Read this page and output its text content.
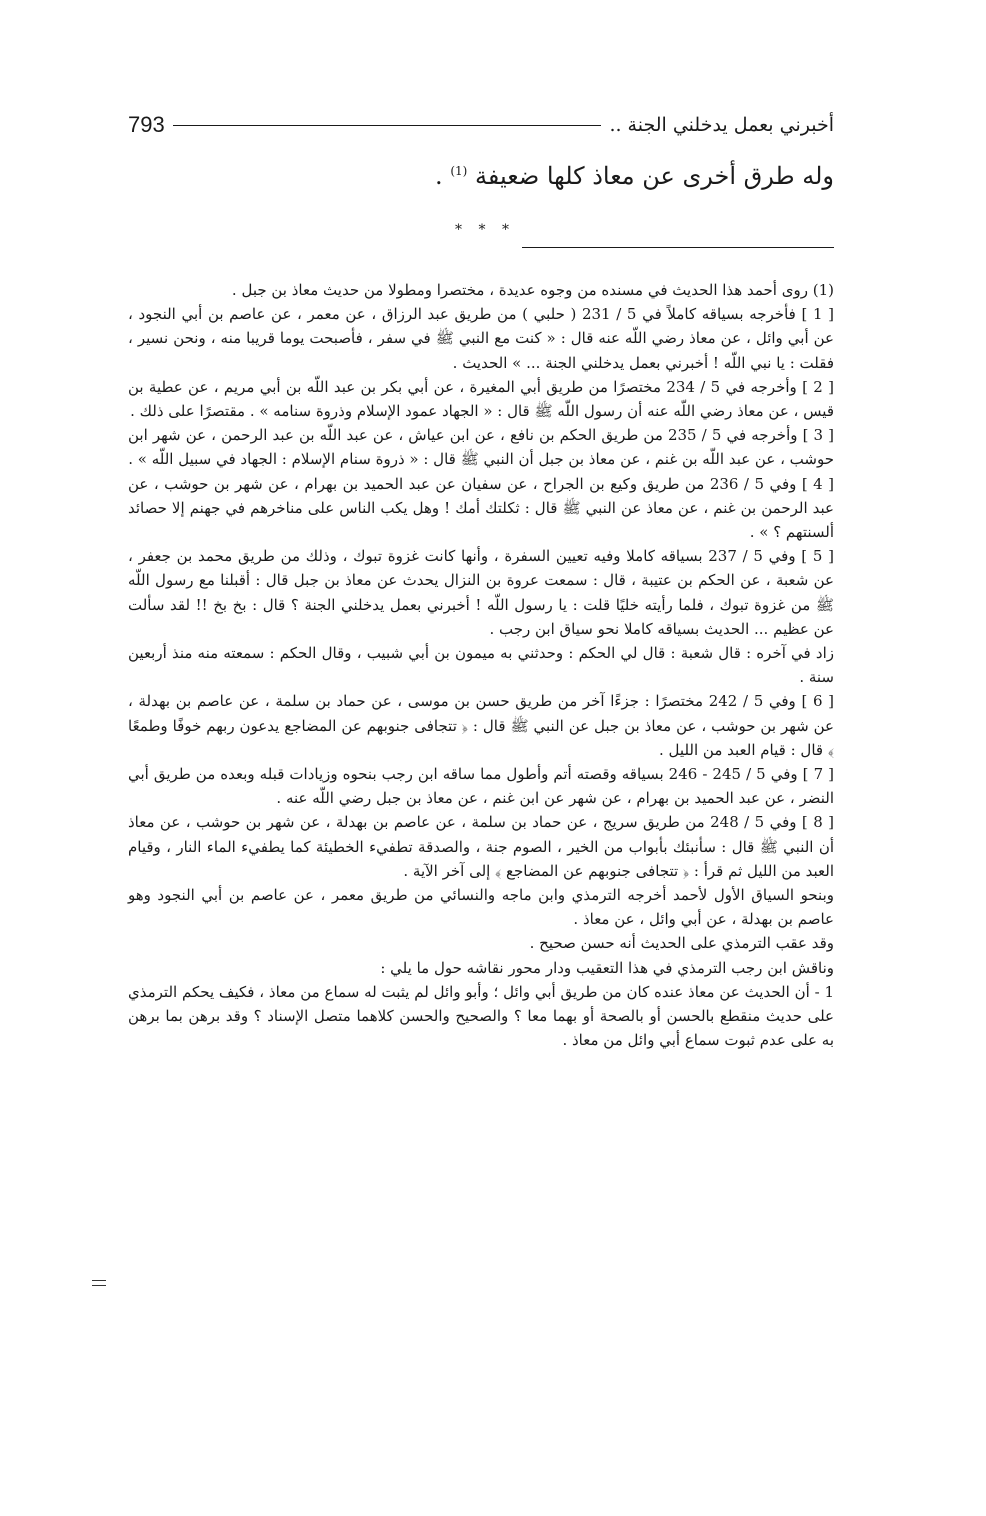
أخبرني بعمل يدخلني الجنة ..
793
وله طرق أخرى عن معاذ كلها ضعيفة $^{(1)}$ .
* * *

(1) روى أحمد هذا الحديث في مسنده من وجوه عديدة ، مختصرا ومطولا من حديث معاذ بن جبل .

[ 1 ] فأخرجه بسياقه كاملاً في 5 / 231 ( حلبي ) من طريق عبد الرزاق ، عن معمر ، عن عاصم بن أبي النجود ، عن أبي وائل ، عن معاذ رضي اللّه عنه قال : « كنت مع النبي ﷺ في سفر ، فأصبحت يوما قريبا منه ، ونحن نسير ، فقلت : يا نبي اللّه ! أخبرني بعمل يدخلني الجنة ... » الحديث .

[ 2 ] وأخرجه في 5 / 234 مختصرًا من طريق أبي المغيرة ، عن أبي بكر بن عبد اللّه بن أبي مريم ، عن عطية بن قيس ، عن معاذ رضي اللّه عنه أن رسول اللّه ﷺ قال : « الجهاد عمود الإسلام وذروة سنامه » . مقتصرًا على ذلك .

[ 3 ] وأخرجه في 5 / 235 من طريق الحكم بن نافع ، عن ابن عياش ، عن عبد اللّه بن عبد الرحمن ، عن شهر ابن حوشب ، عن عبد اللّه بن غنم ، عن معاذ بن جبل أن النبي ﷺ قال : « ذروة سنام الإسلام : الجهاد في سبيل اللّه » .

[ 4 ] وفي 5 / 236 من طريق وكيع بن الجراح ، عن سفيان عن عبد الحميد بن بهرام ، عن شهر بن حوشب ، عن عبد الرحمن بن غنم ، عن معاذ عن النبي ﷺ قال : ثكلتك أمك ! وهل يكب الناس على مناخرهم في جهنم إلا حصائد ألسنتهم ؟ » .

[ 5 ] وفي 5 / 237 بسياقه كاملا وفيه تعيين السفرة ، وأنها كانت غزوة تبوك ، وذلك من طريق محمد بن جعفر ، عن شعبة ، عن الحكم بن عتيبة ، قال : سمعت عروة بن النزال يحدث عن معاذ بن جبل قال : أقبلنا مع رسول اللّه ﷺ من غزوة تبوك ، فلما رأيته خليًا قلت : يا رسول اللّه ! أخبرني بعمل يدخلني الجنة ؟ قال : بخ بخ !! لقد سألت عن عظيم ... الحديث بسياقه كاملا نحو سياق ابن رجب .

زاد في آخره : قال شعبة : قال لي الحكم : وحدثني به ميمون بن أبي شبيب ، وقال الحكم : سمعته منه منذ أربعين سنة .

[ 6 ] وفي 5 / 242 مختصرًا : جزءًا آخر من طريق حسن بن موسى ، عن حماد بن سلمة ، عن عاصم بن بهدلة ، عن شهر بن حوشب ، عن معاذ بن جبل عن النبي ﷺ قال : ﴿ تتجافى جنوبهم عن المضاجع يدعون ربهم خوفًا وطمعًا ﴾ قال : قيام العبد من الليل .

[ 7 ] وفي 5 / 245 - 246 بسياقه وقصته أتم وأطول مما ساقه ابن رجب بنحوه وزيادات قبله وبعده من طريق أبي النضر ، عن عبد الحميد بن بهرام ، عن شهر عن ابن غنم ، عن معاذ بن جبل رضي اللّه عنه .

[ 8 ] وفي 5 / 248 من طريق سريج ، عن حماد بن سلمة ، عن عاصم بن بهدلة ، عن شهر بن حوشب ، عن معاذ أن النبي ﷺ قال : سأنبئك بأبواب من الخير ، الصوم جنة ، والصدقة تطفيء الخطيئة كما يطفيء الماء النار ، وقيام العبد من الليل ثم قرأ : ﴿ تتجافى جنوبهم عن المضاجع ﴾ إلى آخر الآية .

وبنحو السياق الأول لأحمد أخرجه الترمذي وابن ماجه والنسائي من طريق معمر ، عن عاصم بن أبي النجود وهو عاصم بن بهدلة ، عن أبي وائل ، عن معاذ .

وقد عقب الترمذي على الحديث أنه حسن صحيح .

وناقش ابن رجب الترمذي في هذا التعقيب ودار محور نقاشه حول ما يلي :

1 - أن الحديث عن معاذ عنده كان من طريق أبي وائل ؛ وأبو وائل لم يثبت له سماع من معاذ ، فكيف يحكم الترمذي على حديث منقطع بالحسن أو بالصحة أو بهما معا ؟ والصحيح والحسن كلاهما متصل الإسناد ؟ وقد برهن بما برهن به على عدم ثبوت سماع أبي وائل من معاذ .
